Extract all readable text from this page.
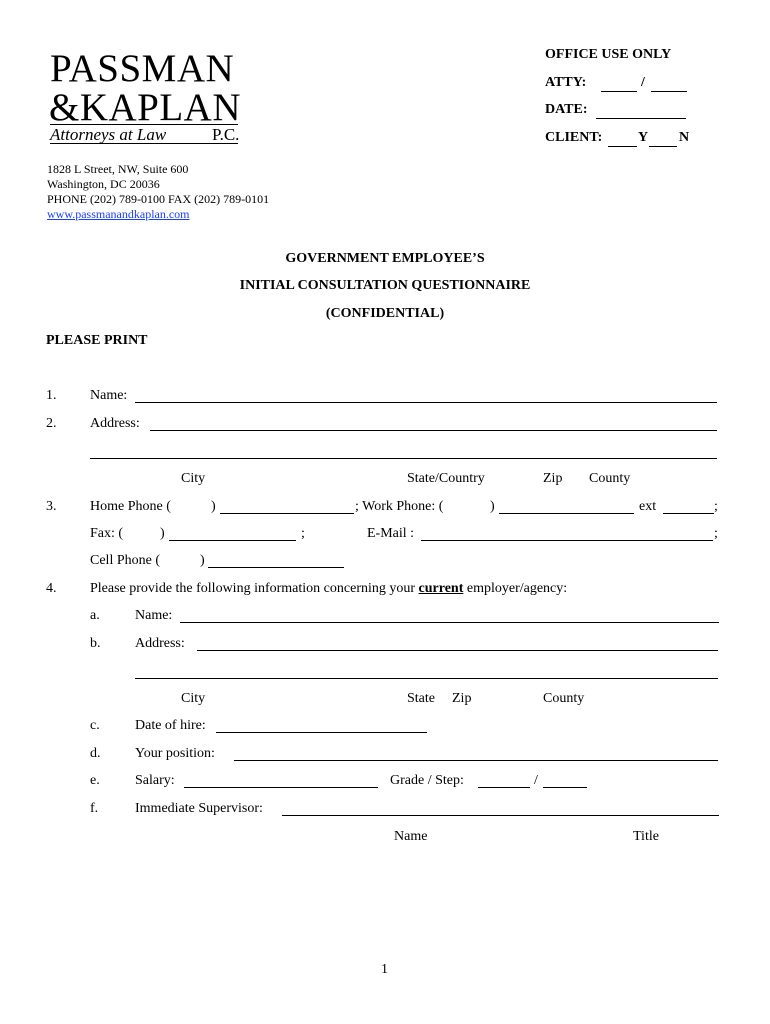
PASSMAN
&KAPLAN
Attorneys at Law	P.C.
1828 L Street, NW, Suite 600
Washington, DC 20036
PHONE (202) 789-0100 FAX (202) 789-0101
www.passmanandkaplan.com
OFFICE USE ONLY
ATTY:	/
DATE:
CLIENT:	Y N
GOVERNMENT EMPLOYEE’S
INITIAL CONSULTATION QUESTIONNAIRE
(CONFIDENTIAL)
PLEASE PRINT
1. Name:
2. Address:
City	State/Country	Zip County
3. Home Phone (	)	; Work Phone: (	)	ext	;
Fax: (	)	;	E-Mail :	;
Cell Phone (	)
4. Please provide the following information concerning your current employer/agency:
a.	Name:
b. Address:
City	State Zip	County
c.	Date of hire:
d. Your position:
e.	Salary:	Grade / Step:	/
f.	Immediate Supervisor:
Name	Title
1
